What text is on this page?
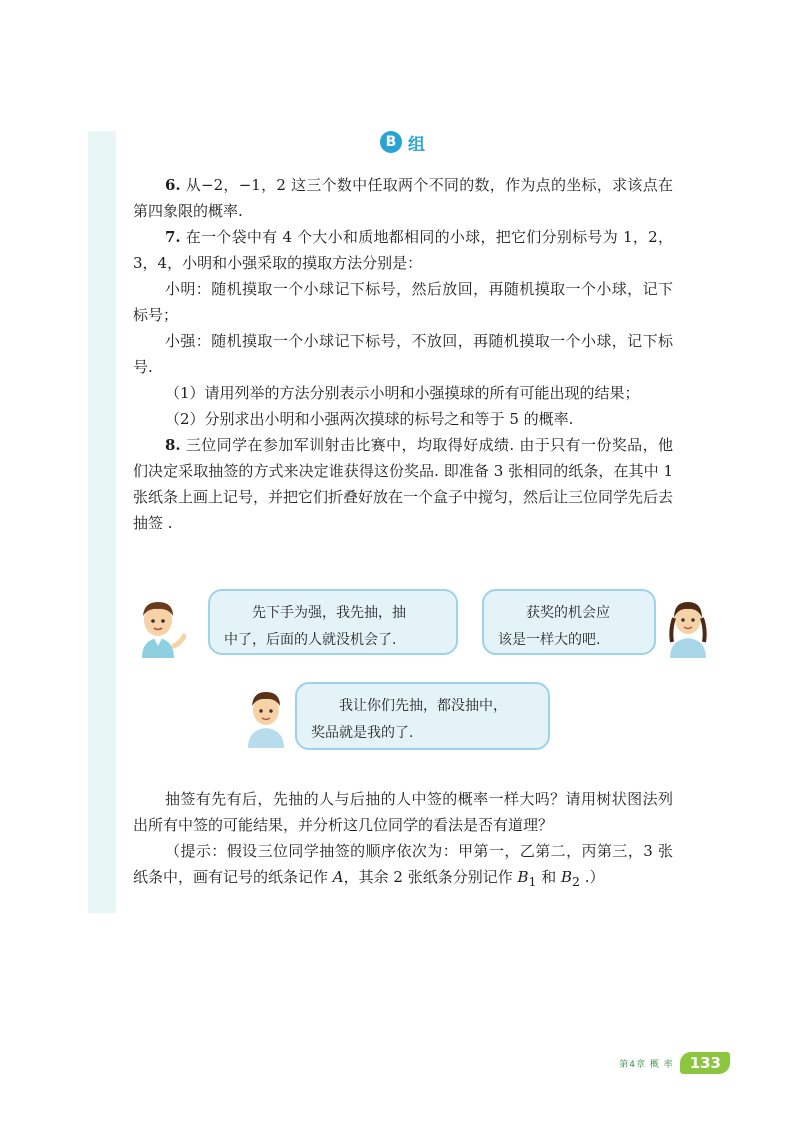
B 组

6. 从−2，−1，2 这三个数中任取两个不同的数，作为点的坐标，求该点在第四象限的概率.

7. 在一个袋中有 4 个大小和质地都相同的小球，把它们分别标号为 1，2，3，4，小明和小强采取的摸取方法分别是：

小明：随机摸取一个小球记下标号，然后放回，再随机摸取一个小球，记下标号；

小强：随机摸取一个小球记下标号，不放回，再随机摸取一个小球，记下标号.

（1）请用列举的方法分别表示小明和小强摸球的所有可能出现的结果；

（2）分别求出小明和小强两次摸球的标号之和等于 5 的概率.

8. 三位同学在参加军训射击比赛中，均取得好成绩. 由于只有一份奖品，他们决定采取抽签的方式来决定谁获得这份奖品. 即准备 3 张相同的纸条，在其中 1 张纸条上画上记号，并把它们折叠好放在一个盒子中搅匀，然后让三位同学先后去抽签 .

先下手为强，我先抽，抽
中了，后面的人就没机会了.
获奖的机会应
该是一样大的吧.
我让你们先抽，都没抽中，
奖品就是我的了.

抽签有先有后，先抽的人与后抽的人中签的概率一样大吗？请用树状图法列出所有中签的可能结果，并分析这几位同学的看法是否有道理？

（提示：假设三位同学抽签的顺序依次为：甲第一，乙第二，丙第三，3 张纸条中，画有记号的纸条记作 A，其余 2 张纸条分别记作 $B_1$ 和 $B_2$ .）

第4章 概 率	133
